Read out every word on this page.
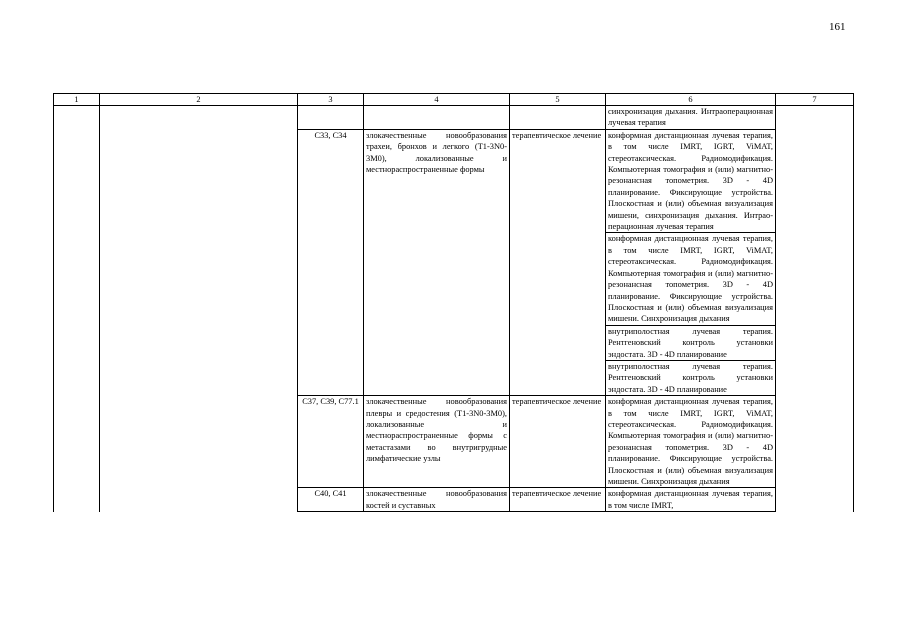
161
1	2	3	4	5	6	7
					синхронизация дыхания. Интраоперационная лучевая терапия	
		C33, C34	злокачественные новообразования трахеи, бронхов и легкого (T1-3N0-3M0), локализованные и местнораспространенные формы	терапевтическое лечение	конформная дистанционная лучевая терапия, в том числе IMRT, IGRT, ViMAT, стереотаксическая. Радиомодификация. Компьютерная томография и (или) магнитно-резонансная топометрия. 3D - 4D планирование. Фиксирующие устройства. Плоскостная и (или) объемная визуализация мишени, синхронизация дыхания. Интраоперационная лучевая терапия	
					конформная дистанционная лучевая терапия, в том числе IMRT, IGRT, ViMAT, стереотаксическая. Радиомодификация. Компьютерная томография и (или) магнитно-резонансная топометрия. 3D - 4D планирование. Фиксирующие устройства. Плоскостная и (или) объемная визуализация мишени. Синхронизация дыхания	
					внутриполостная лучевая терапия. Рентгеновский контроль установки эндостата. 3D - 4D планирование	
					внутриполостная лучевая терапия. Рентгеновский контроль установки эндостата. 3D - 4D планирование	
		C37, C39, C77.1	злокачественные новообразования плевры и средостения (T1-3N0-3M0), локализованные и местнораспространенные формы с метастазами во внутригрудные лимфатические узлы	терапевтическое лечение	конформная дистанционная лучевая терапия, в том числе IMRT, IGRT, ViMAT, стереотаксическая. Радиомодификация. Компьютерная томография и (или) магнитно-резонансная топометрия. 3D - 4D планирование. Фиксирующие устройства. Плоскостная и (или) объемная визуализация мишени. Синхронизация дыхания	
		C40, C41	злокачественные новообразования костей и суставных	терапевтическое лечение	конформная дистанционная лучевая терапия, в том числе IMRT,	
